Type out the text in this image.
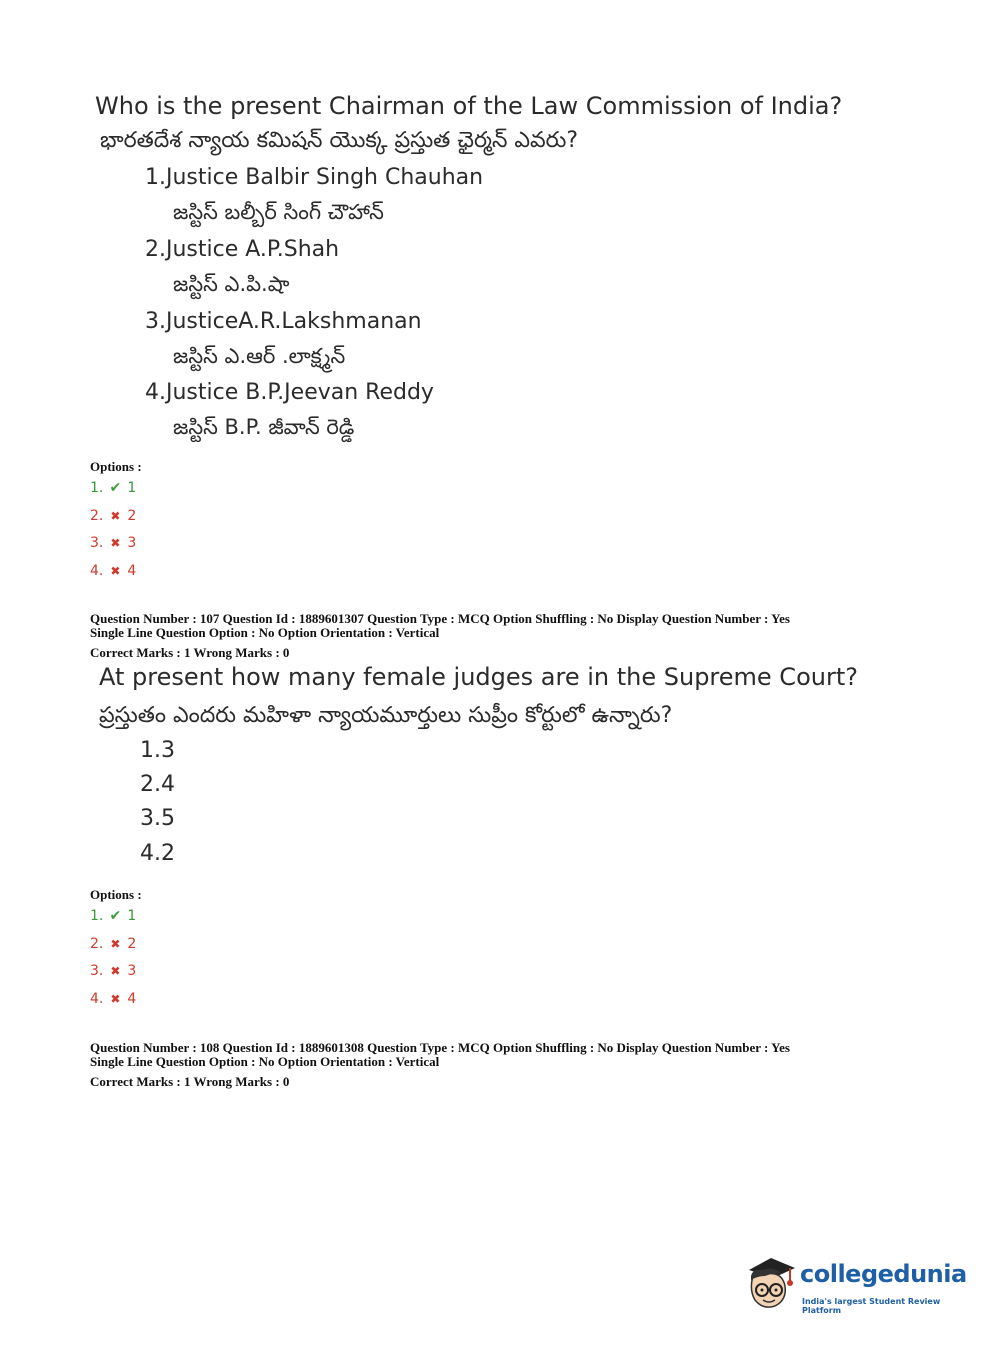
Who is the present Chairman of the Law Commission of India?
భారతదేశ న్యాయ కమిషన్ యొక్క ప్రస్తుత ఛైర్మన్ ఎవరు?
1.Justice Balbir Singh Chauhan
జస్టిస్ బల్బీర్ సింగ్ చౌహాన్
2.Justice A.P.Shah
జస్టిస్ ఎ.పి.షా
3.JusticeA.R.Lakshmanan
జస్టిస్ ఎ.ఆర్ .లాక్ష్మన్
4.Justice B.P.Jeevan Reddy
జస్టిస్ B.P. జీవాన్ రెడ్డి
Options :
1. ✔ 1
2. ✖ 2
3. ✖ 3
4. ✖ 4
Question Number : 107 Question Id : 1889601307 Question Type : MCQ Option Shuffling : No Display Question Number : Yes
Single Line Question Option : No Option Orientation : Vertical
Correct Marks : 1 Wrong Marks : 0
At present how many female judges are in the Supreme Court?
ప్రస్తుతం ఎందరు మహిళా న్యాయమూర్తులు సుప్రీం కోర్టులో ఉన్నారు?
1.3
2.4
3.5
4.2
Options :
1. ✔ 1
2. ✖ 2
3. ✖ 3
4. ✖ 4
Question Number : 108 Question Id : 1889601308 Question Type : MCQ Option Shuffling : No Display Question Number : Yes
Single Line Question Option : No Option Orientation : Vertical
Correct Marks : 1 Wrong Marks : 0
collegedunia
India's largest Student Review Platform
